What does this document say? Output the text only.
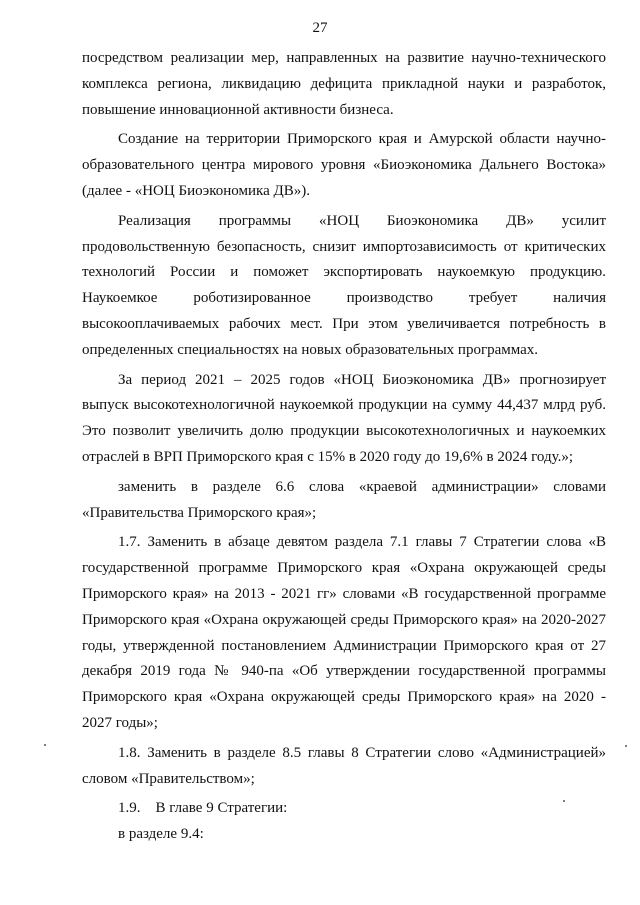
27

посредством реализации мер, направленных на развитие научно-технического комплекса региона, ликвидацию дефицита прикладной науки и разработок, повышение инновационной активности бизнеса.

Создание на территории Приморского края и Амурской области научно-образовательного центра мирового уровня «Биоэкономика Дальнего Востока» (далее - «НОЦ Биоэкономика ДВ»).

Реализация программы «НОЦ Биоэкономика ДВ» усилит продовольственную безопасность, снизит импортозависимость от критических технологий России и поможет экспортировать наукоемкую продукцию. Наукоемкое роботизированное производство требует наличия высокооплачиваемых рабочих мест. При этом увеличивается потребность в определенных специальностях на новых образовательных программах.

За период 2021 – 2025 годов «НОЦ Биоэкономика ДВ» прогнозирует выпуск высокотехнологичной наукоемкой продукции на сумму 44,437 млрд руб. Это позволит увеличить долю продукции высокотехнологичных и наукоемких отраслей в ВРП Приморского края с 15% в 2020 году до 19,6% в 2024 году.»;

заменить в разделе 6.6 слова «краевой администрации» словами «Правительства Приморского края»;

1.7. Заменить в абзаце девятом раздела 7.1 главы 7 Стратегии слова «В государственной программе Приморского края «Охрана окружающей среды Приморского края» на 2013 - 2021 гг» словами «В государственной программе Приморского края «Охрана окружающей среды Приморского края» на 2020-2027 годы, утвержденной постановлением Администрации Приморского края от 27 декабря 2019 года № 940-па «Об утверждении государственной программы Приморского края «Охрана окружающей среды Приморского края» на 2020 - 2027 годы»;

1.8. Заменить в разделе 8.5 главы 8 Стратегии слово «Администрацией» словом «Правительством»;

1.9.    В главе 9 Стратегии:

в разделе 9.4:
